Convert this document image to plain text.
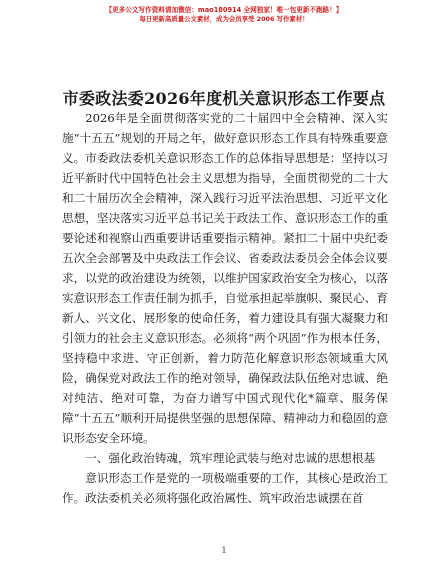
【更多公文写作资料请加微信：mao180914 全网独家！唯一包更新不跑路！】
每日更新高质量公文素材，成为会员享受 2006 写作素材！
市委政法委2026年度机关意识形态工作要点

2026年是全面贯彻落实党的二十届四中全会精神、深入实施“十五五”规划的开局之年，做好意识形态工作具有特殊重要意义。市委政法委机关意识形态工作的总体指导思想是：坚持以习近平新时代中国特色社会主义思想为指导，全面贯彻党的二十大和二十届历次全会精神，深入践行习近平法治思想、习近平文化思想，坚决落实习近平总书记关于政法工作、意识形态工作的重要论述和视察山西重要讲话重要指示精神。紧扣二十届中央纪委五次全会部署及中央政法工作会议、省委政法委员会全体会议要求，以党的政治建设为统领，以维护国家政治安全为核心，以落实意识形态工作责任制为抓手，自觉承担起举旗帜、聚民心、育新人、兴文化、展形象的使命任务，着力建设具有强大凝聚力和引领力的社会主义意识形态。必须将“两个巩固”作为根本任务，坚持稳中求进、守正创新，着力防范化解意识形态领域重大风险，确保党对政法工作的绝对领导，确保政法队伍绝对忠诚、绝对纯洁、绝对可靠，为奋力谱写中国式现代化*篇章、服务保障“十五五”顺利开局提供坚强的思想保障、精神动力和稳固的意识形态安全环境。

一、强化政治铸魂，筑牢理论武装与绝对忠诚的思想根基

意识形态工作是党的一项极端重要的工作，其核心是政治工作。政法委机关必须将强化政治属性、筑牢政治忠诚摆在首

1
